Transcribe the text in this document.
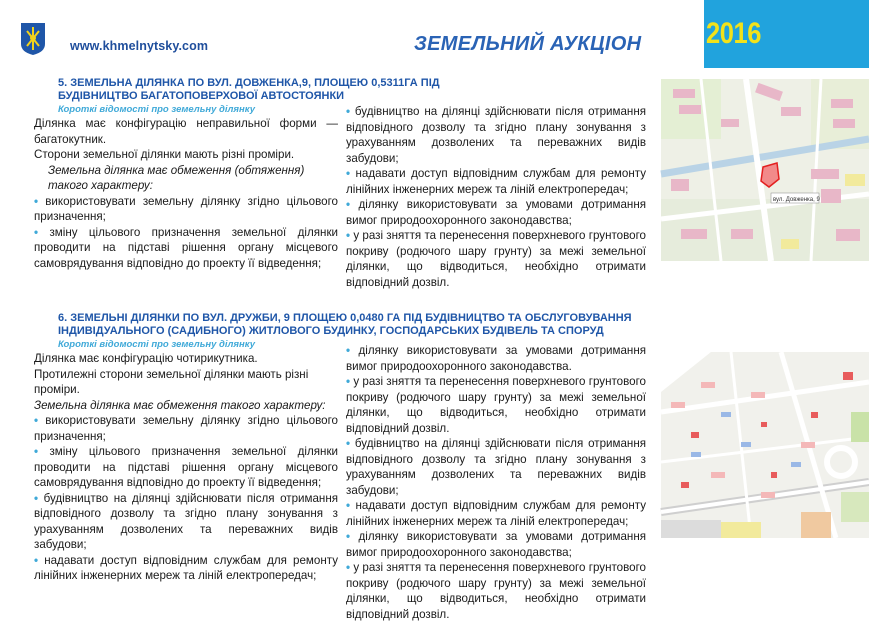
www.khmelnytsky.com	ЗЕМЕЛЬНИЙ АУКЦІОН 2016
5. ЗЕМЕЛЬНА ДІЛЯНКА ПО ВУЛ. ДОВЖЕНКА,9, ПЛОЩЕЮ 0,5311ГА ПІД
БУДІВНИЦТВО БАГАТОПОВЕРХОВОЇ АВТОСТОЯНКИ
Короткі відомості про земельну ділянку

Ділянка має конфігурацію неправильної форми — багатокутник.

Сторони земельної ділянки мають різні проміри.

Земельна ділянка має обмеження (обтяження) такого характеру:

• використовувати земельну ділянку згідно цільового призначення;

• зміну цільового призначення земельної ділянки проводити на підставі рішення органу місцевого самоврядування відповідно до проекту її відведення;

• будівництво на ділянці здійснювати після отримання відповідного дозволу та згідно плану зонування з урахуванням дозволених та переважних видів забудови;

• надавати доступ відповідним службам для ремонту лінійних інженерних мереж та ліній електропередач;

• ділянку використовувати за умовами дотримання вимог природоохоронного законодавства;

• у разі зняття та перенесення поверхневого грунтового покриву (родючого шару грунту) за межі земельної ділянки, що відводиться, необхідно отримати відповідний дозвіл.

вул. Довженка, 9
6. ЗЕМЕЛЬНІ ДІЛЯНКИ ПО ВУЛ. ДРУЖБИ, 9 ПЛОЩЕЮ 0,0480 ГА ПІД БУДІВНИЦТВО ТА ОБСЛУГОВУВАННЯ
ІНДИВІДУАЛЬНОГО (САДИБНОГО) ЖИТЛОВОГО БУДИНКУ, ГОСПОДАРСЬКИХ БУДІВЕЛЬ ТА СПОРУД
Короткі відомості про земельну ділянку

Ділянка має конфігурацію чотирикутника.

Протилежні сторони земельної ділянки мають різні проміри.

Земельна ділянка має обмеження такого характеру:

• використовувати земельну ділянку згідно цільового призначення;

• зміну цільового призначення земельної ділянки проводити на підставі рішення органу місцевого самоврядування відповідно до проекту її відведення;

• будівництво на ділянці здійснювати після отримання відповідного дозволу та згідно плану зонування з урахуванням дозволених та переважних видів забудови;

• надавати доступ відповідним службам для ремонту лінійних інженерних мереж та ліній електропередач;

• ділянку використовувати за умовами дотримання вимог природоохоронного законодавства.

• у разі зняття та перенесення поверхневого грунтового покриву (родючого шару грунту) за межі земельної ділянки, що відводиться, необхідно отримати відповідний дозвіл.

• будівництво на ділянці здійснювати після отримання відповідного дозволу та згідно плану зонування з урахуванням дозволених та переважних видів забудови;

• надавати доступ відповідним службам для ремонту лінійних інженерних мереж та ліній електропередач;

• ділянку використовувати за умовами дотримання вимог природоохоронного законодавства;

• у разі зняття та перенесення поверхневого грунтового покриву (родючого шару грунту) за межі земельної ділянки, що відводиться, необхідно отримати відповідний дозвіл.
